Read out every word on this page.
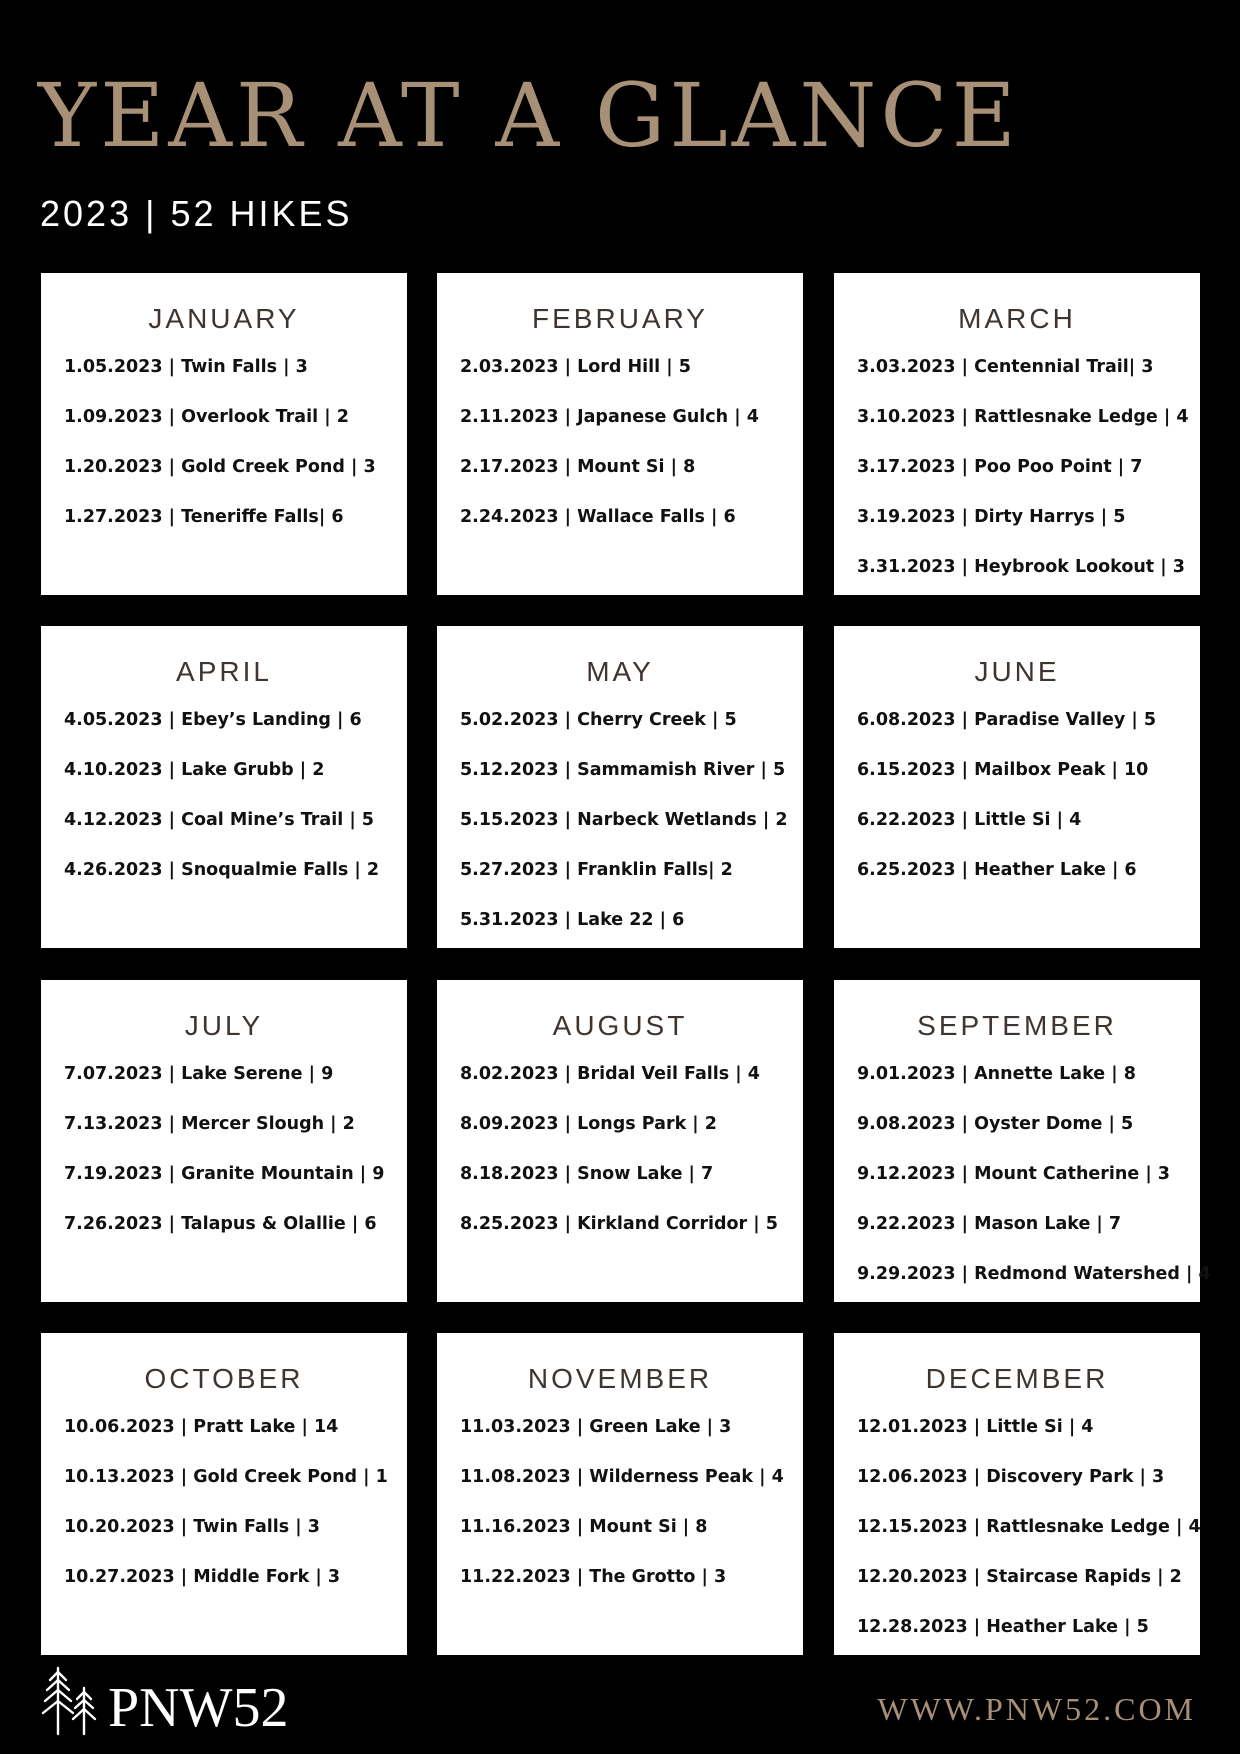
YEAR AT A GLANCE
2023 | 52 HIKES
JANUARY
1.05.2023 | Twin Falls | 3
1.09.2023 | Overlook Trail | 2
1.20.2023 | Gold Creek Pond | 3
1.27.2023 | Teneriffe Falls| 6
FEBRUARY
2.03.2023 | Lord Hill | 5
2.11.2023 | Japanese Gulch | 4
2.17.2023 | Mount Si | 8
2.24.2023 | Wallace Falls | 6
MARCH
3.03.2023 | Centennial Trail| 3
3.10.2023 | Rattlesnake Ledge | 4
3.17.2023 | Poo Poo Point | 7
3.19.2023 | Dirty Harrys | 5
3.31.2023 | Heybrook Lookout | 3
APRIL
4.05.2023 | Ebey’s Landing | 6
4.10.2023 | Lake Grubb | 2
4.12.2023 | Coal Mine’s Trail | 5
4.26.2023 | Snoqualmie Falls | 2
MAY
5.02.2023 | Cherry Creek | 5
5.12.2023 | Sammamish River | 5
5.15.2023 | Narbeck Wetlands | 2
5.27.2023 | Franklin Falls| 2
5.31.2023 | Lake 22 | 6
JUNE
6.08.2023 | Paradise Valley | 5
6.15.2023 | Mailbox Peak | 10
6.22.2023 | Little Si | 4
6.25.2023 | Heather Lake | 6
JULY
7.07.2023 | Lake Serene | 9
7.13.2023 | Mercer Slough | 2
7.19.2023 | Granite Mountain | 9
7.26.2023 | Talapus & Olallie | 6
AUGUST
8.02.2023 | Bridal Veil Falls | 4
8.09.2023 | Longs Park | 2
8.18.2023 | Snow Lake | 7
8.25.2023 | Kirkland Corridor | 5
SEPTEMBER
9.01.2023 | Annette Lake | 8
9.08.2023 | Oyster Dome | 5
9.12.2023 | Mount Catherine | 3
9.22.2023 | Mason Lake | 7
9.29.2023 | Redmond Watershed | 4
OCTOBER
10.06.2023 | Pratt Lake | 14
10.13.2023 | Gold Creek Pond | 1
10.20.2023 | Twin Falls | 3
10.27.2023 | Middle Fork | 3
NOVEMBER
11.03.2023 | Green Lake | 3
11.08.2023 | Wilderness Peak | 4
11.16.2023 | Mount Si | 8
11.22.2023 | The Grotto | 3
DECEMBER
12.01.2023 | Little Si | 4
12.06.2023 | Discovery Park | 3
12.15.2023 | Rattlesnake Ledge | 4
12.20.2023 | Staircase Rapids | 2
12.28.2023 | Heather Lake | 5
PNW52	WWW.PNW52.COM
